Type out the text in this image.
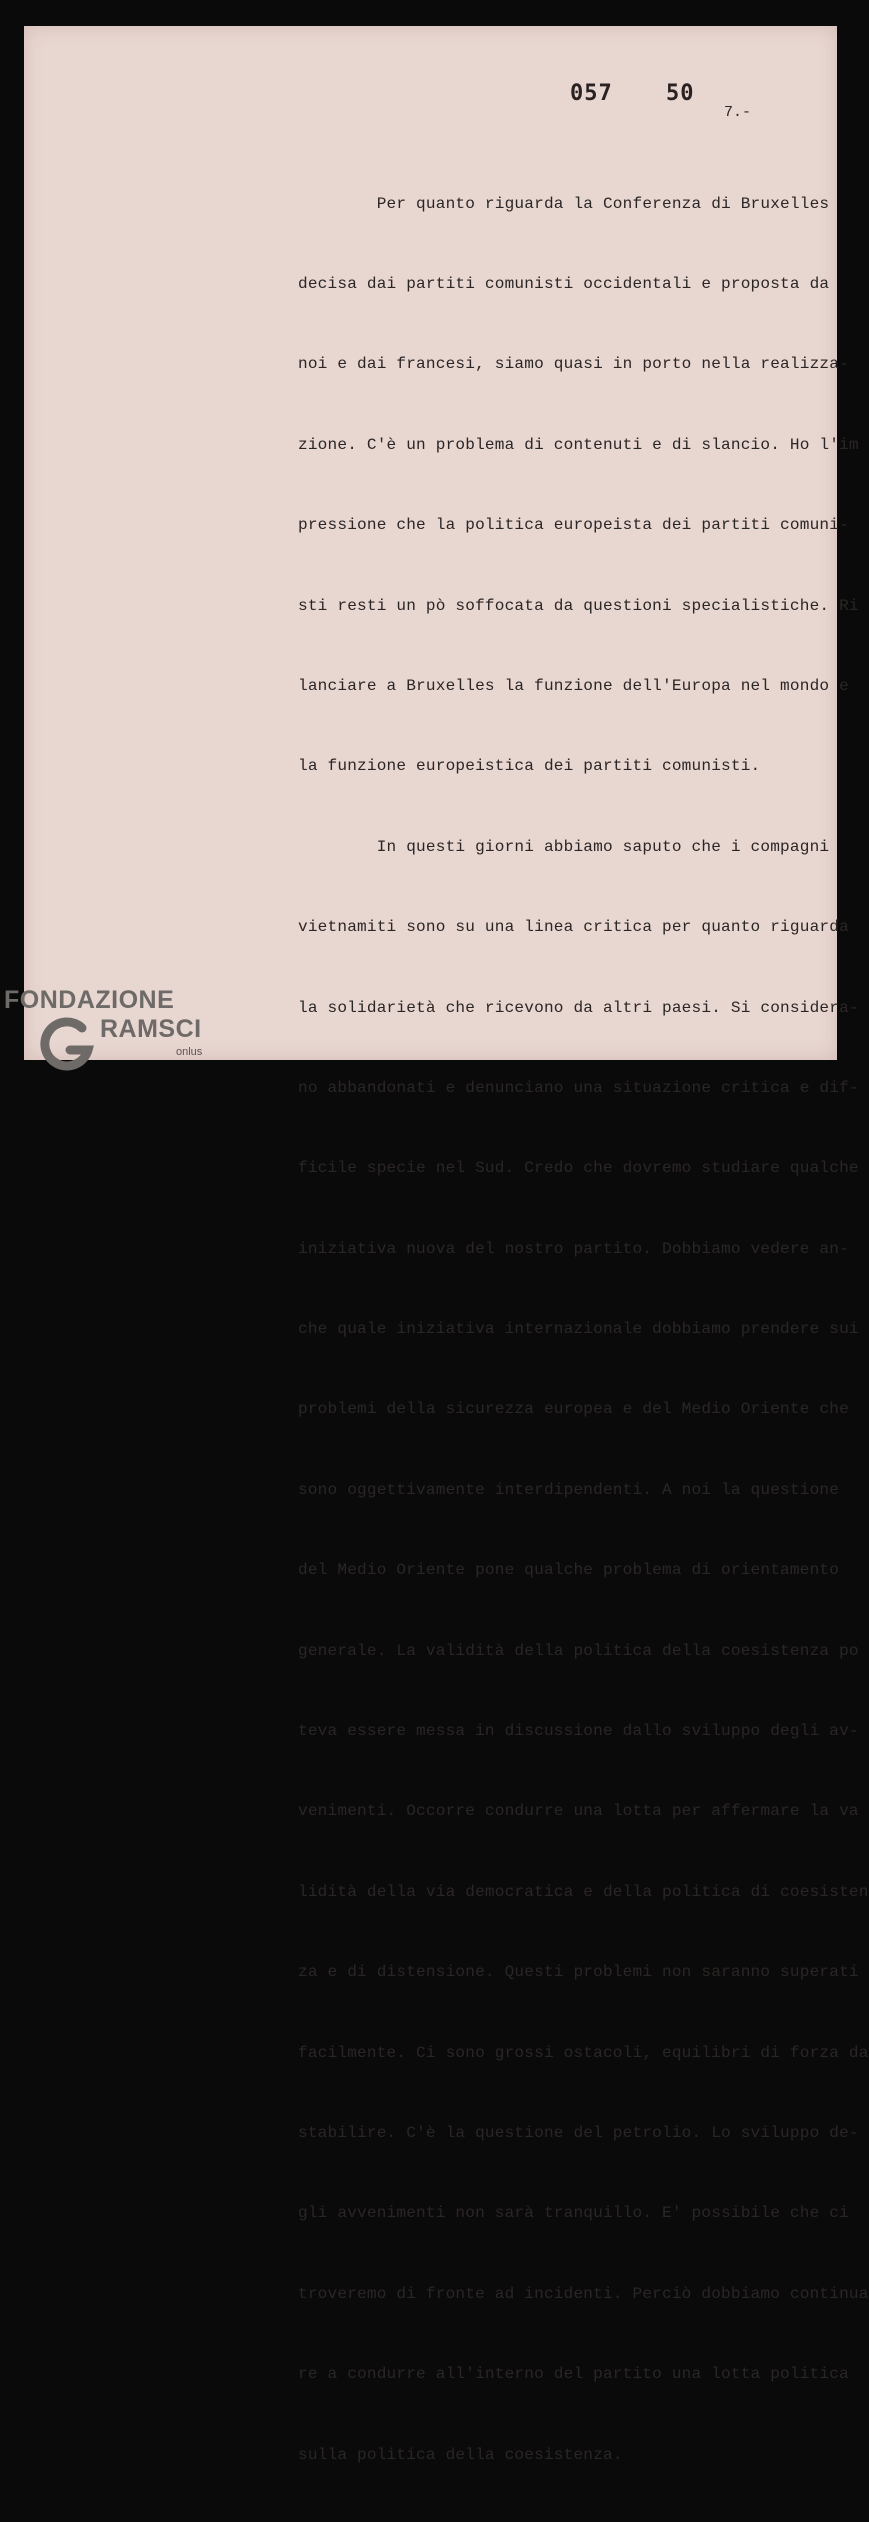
057 50
7.-

Per quanto riguarda la Conferenza di Bruxelles

decisa dai partiti comunisti occidentali e proposta da

noi e dai francesi, siamo quasi in porto nella realizza-

zione. C'è un problema di contenuti e di slancio. Ho l'im

pressione che la politica europeista dei partiti comuni-

sti resti un pò soffocata da questioni specialistiche. Ri

lanciare a Bruxelles la funzione dell'Europa nel mondo e

la funzione europeistica dei partiti comunisti.

In questi giorni abbiamo saputo che i compagni

vietnamiti sono su una linea critica per quanto riguarda

la solidarietà che ricevono da altri paesi. Si considera-

no abbandonati e denunciano una situazione critica e dif-

ficile specie nel Sud. Credo che dovremo studiare qualche

iniziativa nuova del nostro partito. Dobbiamo vedere an-

che quale iniziativa internazionale dobbiamo prendere sui

problemi della sicurezza europea e del Medio Oriente che

sono oggettivamente interdipendenti. A noi la questione

del Medio Oriente pone qualche problema di orientamento

generale. La validità della politica della coesistenza po

teva essere messa in discussione dallo sviluppo degli av-

venimenti. Occorre condurre una lotta per affermare la va

lidità della via democratica e della politica di coesisten

za e di distensione. Questi problemi non saranno superati

facilmente. Ci sono grossi ostacoli, equilibri di forza da

stabilire. C'è la questione del petrolio. Lo sviluppo de-

gli avvenimenti non sarà tranquillo. E' possibile che ci

troveremo di fronte ad incidenti. Perciò dobbiamo continua

re a condurre all'interno del partito una lotta politica

sulla politica della coesistenza.

FONDAZIONE
RAMSCI
onlus
